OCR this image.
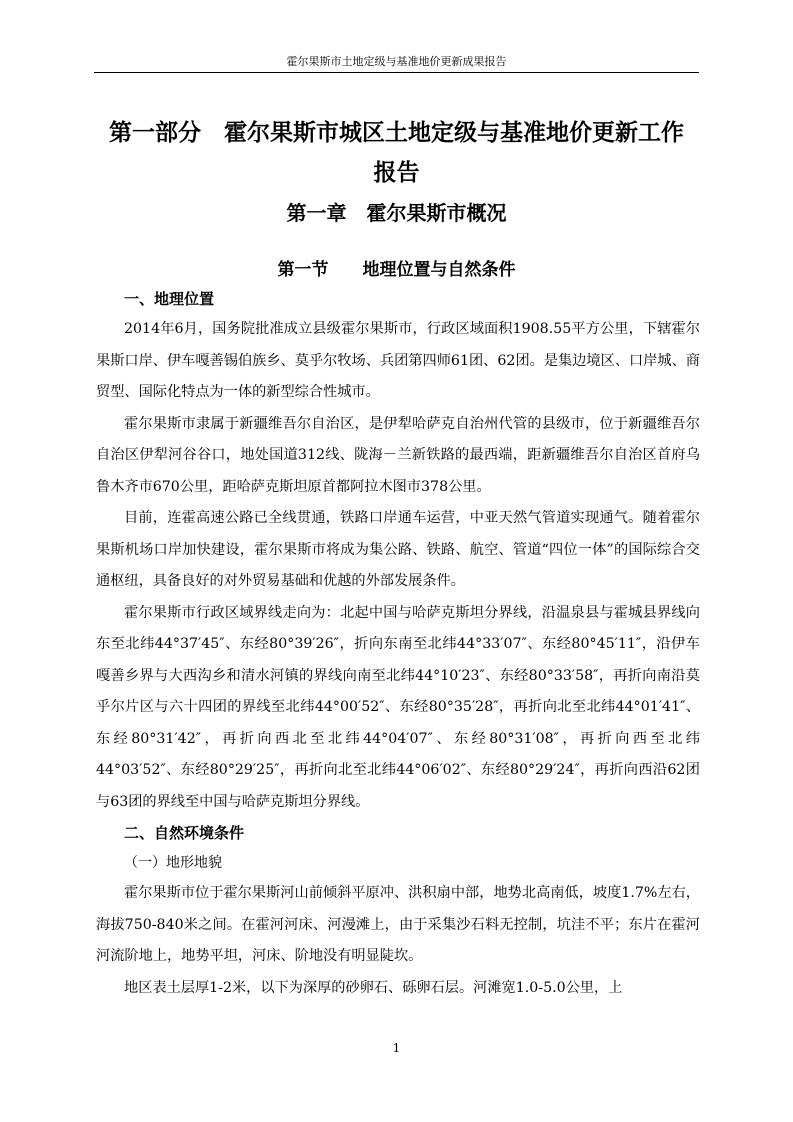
霍尔果斯市土地定级与基准地价更新成果报告
第一部分　霍尔果斯市城区土地定级与基准地价更新工作
报告
第一章　霍尔果斯市概况
第一节　　地理位置与自然条件
一、地理位置

2014年6月，国务院批准成立县级霍尔果斯市，行政区域面积1908.55平方公里，下辖霍尔果斯口岸、伊车嘎善锡伯族乡、莫乎尔牧场、兵团第四师61团、62团。是集边境区、口岸城、商贸型、国际化特点为一体的新型综合性城市。

霍尔果斯市隶属于新疆维吾尔自治区，是伊犁哈萨克自治州代管的县级市，位于新疆维吾尔自治区伊犁河谷谷口，地处国道312线、陇海－兰新铁路的最西端，距新疆维吾尔自治区首府乌鲁木齐市670公里，距哈萨克斯坦原首都阿拉木图市378公里。

目前，连霍高速公路已全线贯通，铁路口岸通车运营，中亚天然气管道实现通气。随着霍尔果斯机场口岸加快建设，霍尔果斯市将成为集公路、铁路、航空、管道“四位一体”的国际综合交通枢纽，具备良好的对外贸易基础和优越的外部发展条件。

霍尔果斯市行政区域界线走向为：北起中国与哈萨克斯坦分界线，沿温泉县与霍城县界线向东至北纬44°37′45″、东经80°39′26″，折向东南至北纬44°33′07″、东经80°45′11″，沿伊车嘎善乡界与大西沟乡和清水河镇的界线向南至北纬44°10′23″、东经80°33′58″，再折向南沿莫乎尔片区与六十四团的界线至北纬44°00′52″、东经80°35′28″，再折向北至北纬44°01′41″、东经80°31′42″，再折向西北至北纬44°04′07″、东经80°31′08″，再折向西至北纬44°03′52″、东经80°29′25″，再折向北至北纬44°06′02″、东经80°29′24″，再折向西沿62团与63团的界线至中国与哈萨克斯坦分界线。

二、自然环境条件
（一）地形地貌

霍尔果斯市位于霍尔果斯河山前倾斜平原冲、洪积扇中部，地势北高南低，坡度1.7%左右，海拔750-840米之间。在霍河河床、河漫滩上，由于采集沙石料无控制，坑洼不平；东片在霍河河流阶地上，地势平坦，河床、阶地没有明显陡坎。

地区表土层厚1-2米，以下为深厚的砂卵石、砾卵石层。河滩宽1.0-5.0公里，上

1
